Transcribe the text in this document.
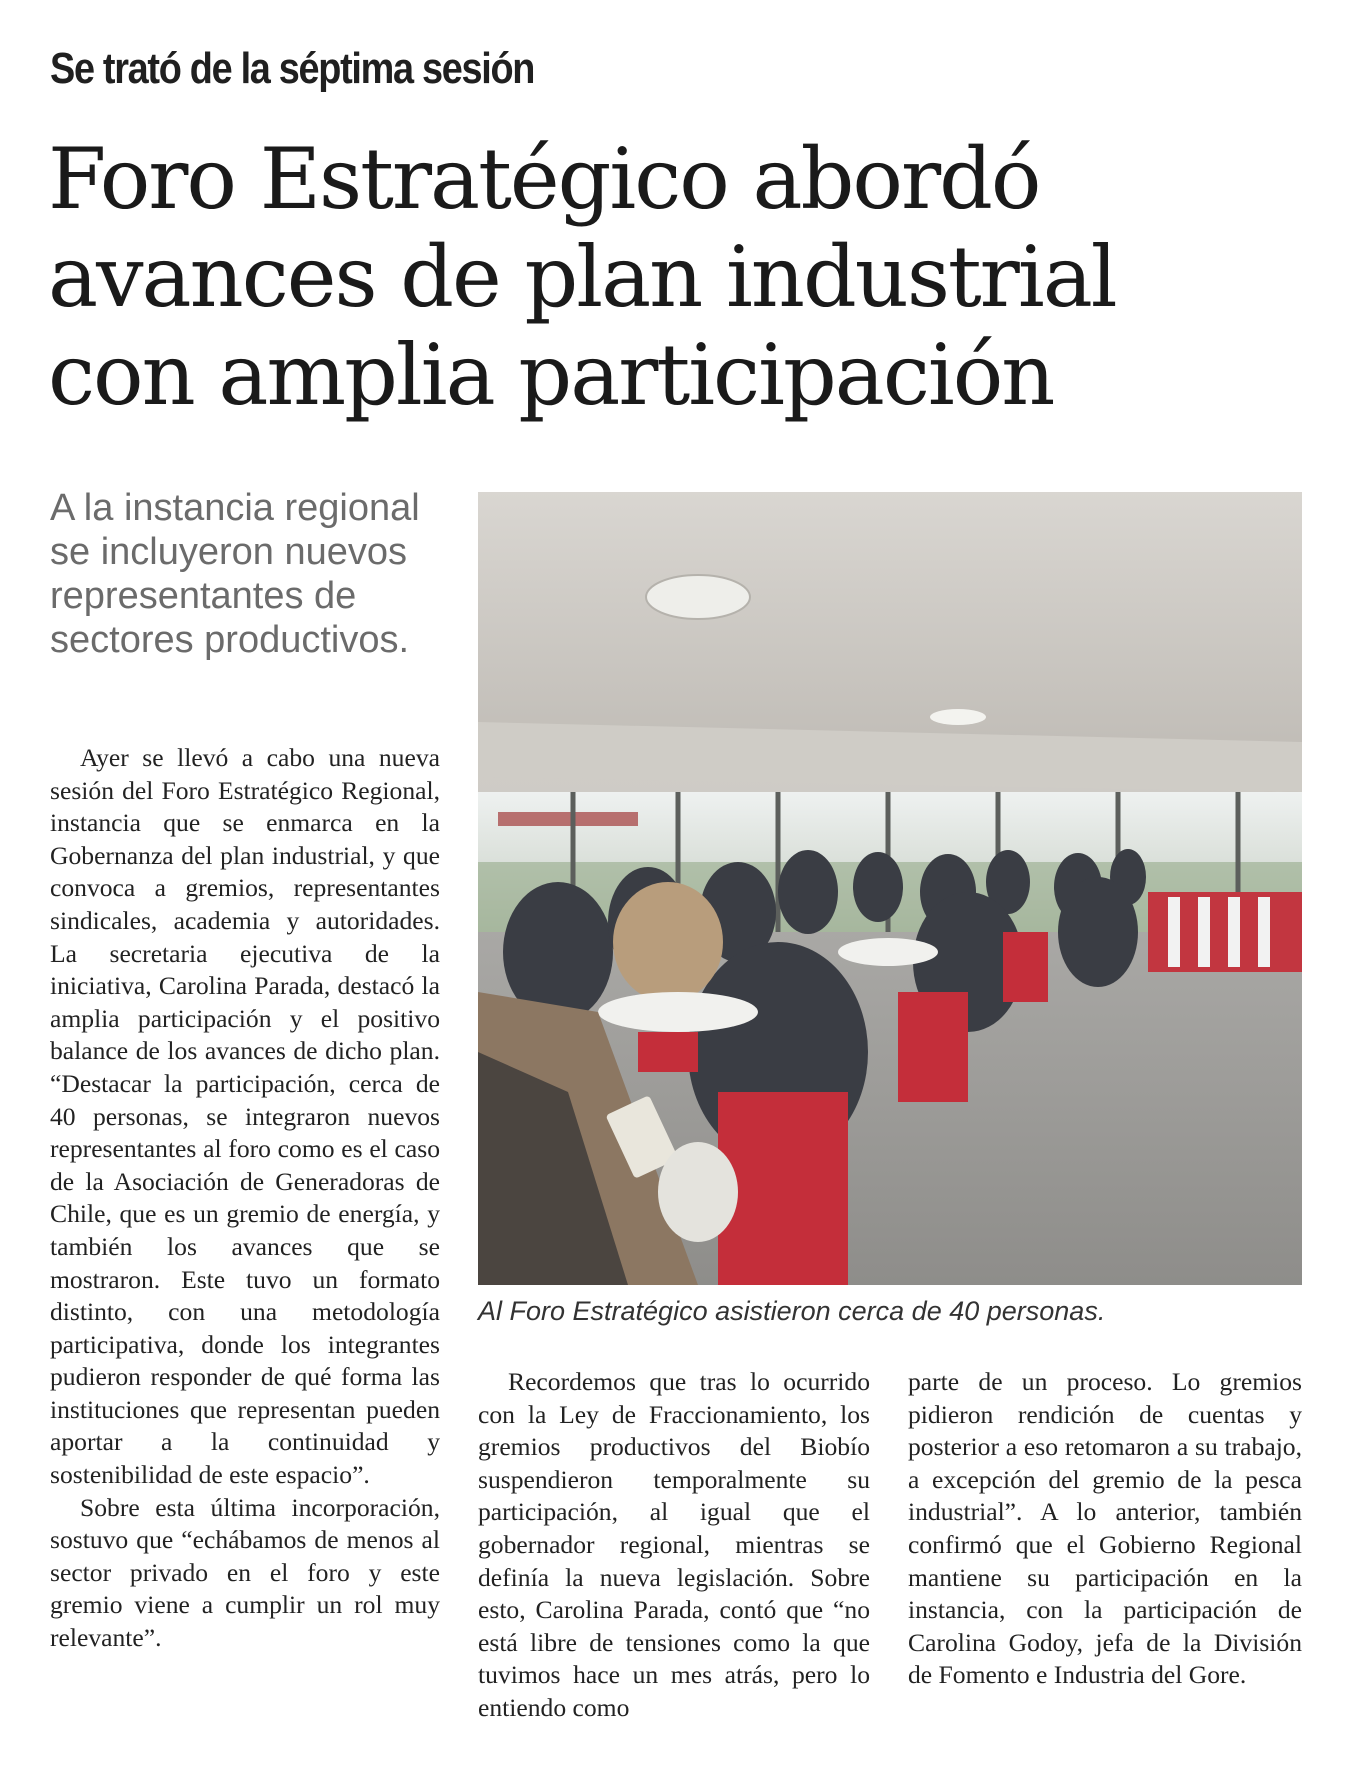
Se trató de la séptima sesión
Foro Estratégico abordó
avances de plan industrial
con amplia participación
A la instancia regional se incluyeron nuevos representantes de sectores productivos.

Ayer se llevó a cabo una nueva sesión del Foro Estratégico Regional, instancia que se enmarca en la Gobernanza del plan industrial, y que convoca a gremios, representantes sindicales, academia y autoridades. La secretaria ejecutiva de la iniciativa, Carolina Parada, destacó la amplia participación y el positivo balance de los avances de dicho plan. “Destacar la participación, cerca de 40 personas, se integraron nuevos representantes al foro como es el caso de la Asociación de Generadoras de Chile, que es un gremio de energía, y también los avances que se mostraron. Este tuvo un formato distinto, con una metodología participativa, donde los integrantes pudieron responder de qué forma las instituciones que representan pueden aportar a la continuidad y sostenibilidad de este espacio”.

Sobre esta última incorporación, sostuvo que “echábamos de menos al sector privado en el foro y este gremio viene a cumplir un rol muy relevante”.

Al Foro Estratégico asistieron cerca de 40 personas.

Recordemos que tras lo ocurrido con la Ley de Fraccionamiento, los gremios productivos del Biobío suspendieron temporalmente su participación, al igual que el gobernador regional, mientras se definía la nueva legislación. Sobre esto, Carolina Parada, contó que “no está libre de tensiones como la que tuvimos hace un mes atrás, pero lo entiendo como

parte de un proceso. Lo gremios pidieron rendición de cuentas y posterior a eso retomaron a su trabajo, a excepción del gremio de la pesca industrial”. A lo anterior, también confirmó que el Gobierno Regional mantiene su participación en la instancia, con la participación de Carolina Godoy, jefa de la División de Fomento e Industria del Gore.
